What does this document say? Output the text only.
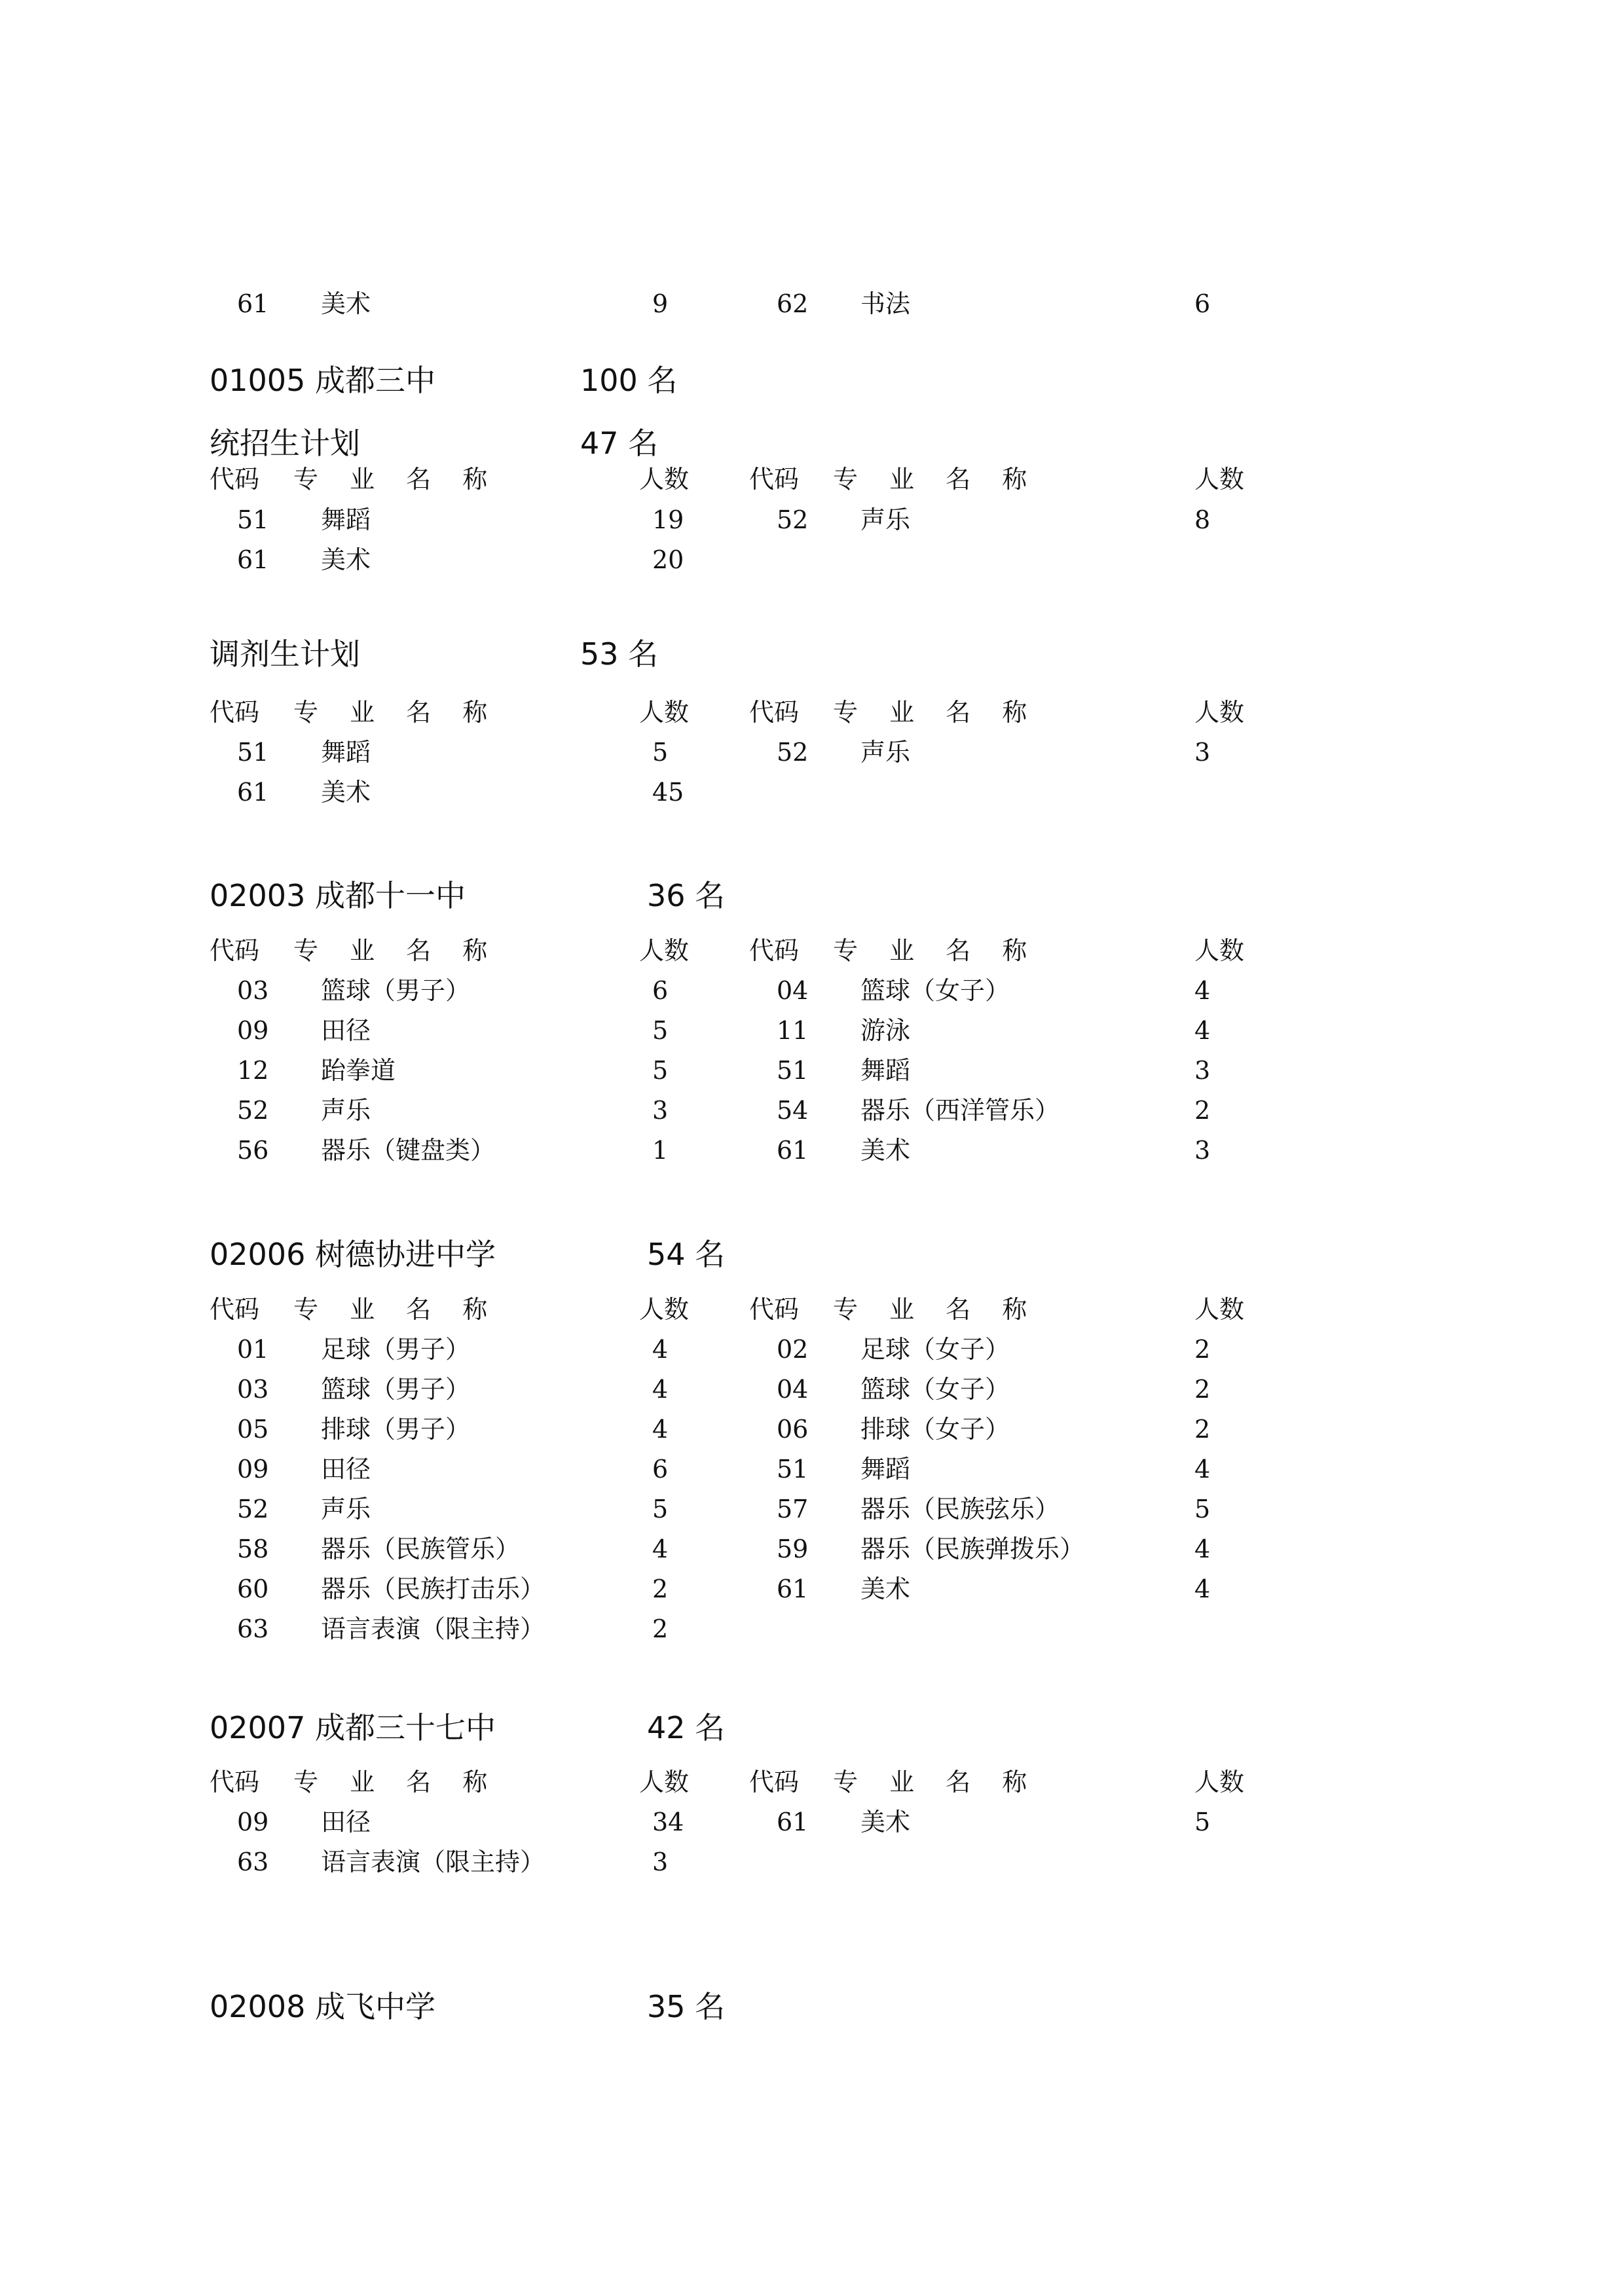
61 美术	9	62 书法	6
01005 成都三中	100 名
统招生计划	47 名
代码 专 业 名 称	人数 代码 专 业 名 称	人数
51 舞蹈	19	52 声乐	8
61 美术	20
调剂生计划	53 名
代码 专 业 名 称	人数 代码 专 业 名 称	人数
51 舞蹈	5	52 声乐	3
61 美术	45
02003 成都十一中	36 名
代码 专 业 名 称	人数 代码 专 业 名 称	人数
03 篮球（男子）	6	04 篮球（女子）	4
09 田径	5	11 游泳	4
12 跆拳道	5	51 舞蹈	3
52 声乐	3	54 器乐（西洋管乐）	2
56 器乐（键盘类）	1	61 美术	3
02006 树德协进中学	54 名
代码 专 业 名 称	人数 代码 专 业 名 称	人数
01 足球（男子）	4	02 足球（女子）	2
03 篮球（男子）	4	04 篮球（女子）	2
05 排球（男子）	4	06 排球（女子）	2
09 田径	6	51 舞蹈	4
52 声乐	5	57 器乐（民族弦乐）	5
58 器乐（民族管乐）	4	59 器乐（民族弹拨乐）	4
60 器乐（民族打击乐）	2	61 美术	4
63 语言表演（限主持）	2
02007 成都三十七中	42 名
代码 专 业 名 称	人数 代码 专 业 名 称	人数
09 田径	34	61 美术	5
63 语言表演（限主持）	3
02008 成飞中学	35 名
